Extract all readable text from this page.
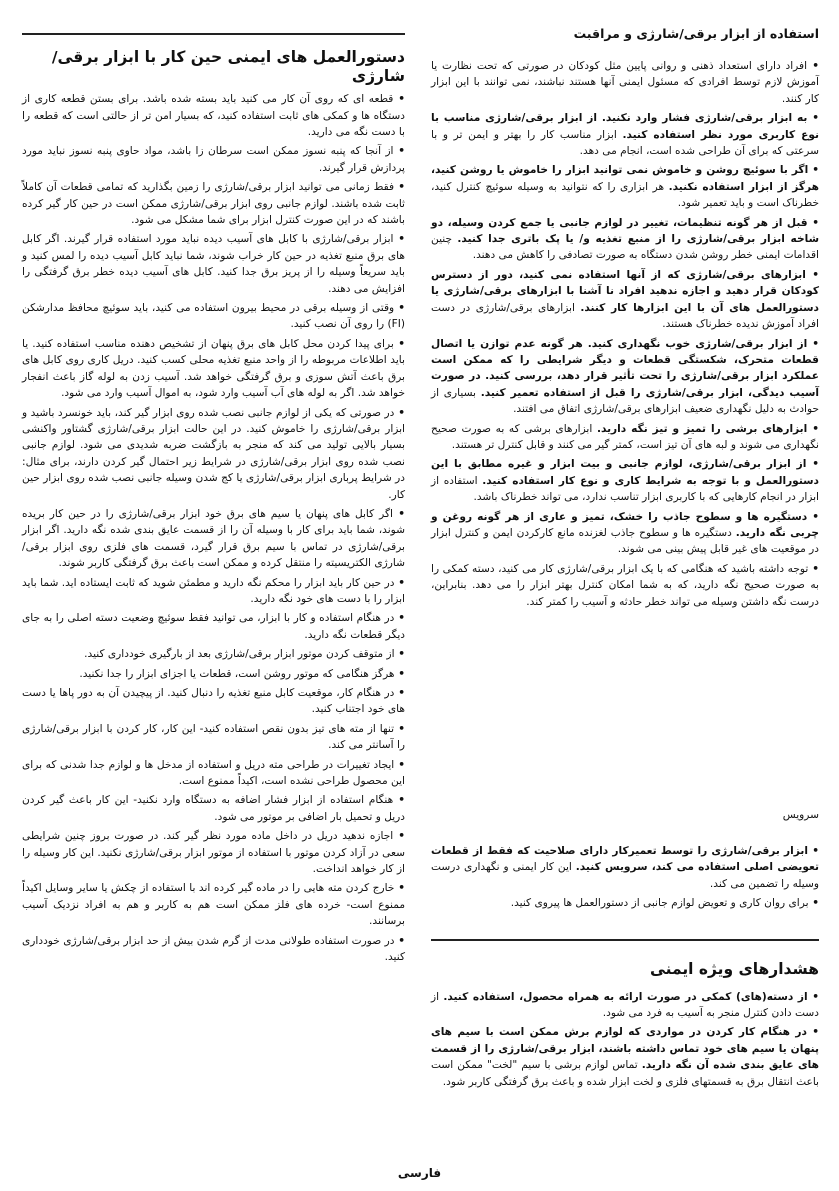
استفاده از ابزار برقی/شارژی و مراقبت

• افراد دارای استعداد ذهنی و روانی پایین مثل کودکان در صورتی که تحت نظارت یا آموزش لازم توسط افرادی که مسئول ایمنی آنها هستند نباشند، نمی توانند با این ابزار کار کنند.

• به ابزار برقی/شارژی فشار وارد نکنید. از ابزار برقی/شارژی مناسب با نوع کاربری مورد نظر استفاده کنید. ابزار مناسب کار را بهتر و ایمن تر و با سرعتی که برای آن طراحی شده است، انجام می دهد.

• اگر با سوئیچ روشن و خاموش نمی توانید ابزار را خاموش یا روشن کنید، هرگز از ابزار استفاده نکنید. هر ابزاری را که نتوانید به وسیله سوئیچ کنترل کنید، خطرناک است و باید تعمیر شود.

• قبل از هر گونه تنظیمات، تغییر در لوازم جانبی یا جمع کردن وسیله، دو شاخه ابزار برقی/شارژی را از منبع تغذیه و/ یا پک باتری جدا کنید. چنین اقدامات ایمنی خطر روشن شدن دستگاه به صورت تصادفی را کاهش می دهند.

• ابزارهای برقی/شارژی که از آنها استفاده نمی کنید، دور از دسترس کودکان قرار دهید و اجازه ندهید افراد نا آشنا با ابزارهای برقی/شارژی یا دستورالعمل های آن با این ابزارها کار کنند. ابزارهای برقی/شارژی در دست افراد آموزش ندیده خطرناک هستند.

• از ابزار برقی/شارژی خوب نگهداری کنید. هر گونه عدم توازن یا اتصال قطعات متحرک، شکستگی قطعات و دیگر شرایطی را که ممکن است عملکرد ابزار برقی/شارژی را تحت تأثیر قرار دهد، بررسی کنید. در صورت آسیب دیدگی، ابزار برقی/شارژی را قبل از استفاده تعمیر کنید. بسیاری از حوادث به دلیل نگهداری ضعیف ابزارهای برقی/شارژی اتفاق می افتند.

• ابزارهای برشی را تمیز و تیز نگه دارید. ابزارهای برشی که به صورت صحیح نگهداری می شوند و لبه های آن تیز است، کمتر گیر می کنند و قابل کنترل تر هستند.

• از ابزار برقی/شارژی، لوازم جانبی و بیت ابزار و غیره مطابق با این دستورالعمل و با توجه به شرایط کاری و نوع کار استفاده کنید. استفاده از ابزار در انجام کارهایی که با کاربری ابزار تناسب ندارد، می تواند خطرناک باشد.

• دستگیره ها و سطوح جاذب را خشک، تمیز و عاری از هر گونه روغن و چربی نگه دارید. دستگیره ها و سطوح جاذب لغزنده مانع کارکردن ایمن و کنترل ابزار در موقعیت های غیر قابل پیش بینی می شوند.

• توجه داشته باشید که هنگامی که با یک ابزار برقی/شارژی کار می کنید، دسته کمکی را به صورت صحیح نگه دارید، که به شما امکان کنترل بهتر ابزار را می دهد. بنابراین، درست نگه داشتن وسیله می تواند خطر حادثه و آسیب را کمتر کند.

سرویس

• ابزار برقی/شارژی را توسط تعمیرکار دارای صلاحیت که فقط از قطعات تعویضی اصلی استفاده می کند، سرویس کنید. این کار ایمنی و نگهداری درست وسیله را تضمین می کند.

• برای روان کاری و تعویض لوازم جانبی از دستورالعمل ها پیروی کنید.

هشدارهای ویژه ایمنی

• از دسته(های) کمکی در صورت ارائه به همراه محصول، استفاده کنید. از دست دادن کنترل منجر به آسیب به فرد می شود.

• در هنگام کار کردن در مواردی که لوازم برش ممکن است با سیم های پنهان یا سیم های خود تماس داشته باشند، ابزار برقی/شارژی را از قسمت های عایق بندی شده آن نگه دارید. تماس لوازم برشی با سیم "لخت" ممکن است باعث انتقال برق به قسمتهای فلزی و لخت ابزار شده و باعث برق گرفتگی کاربر شود.

دستورالعمل های ایمنی حین کار با ابزار برقی/شارژی

• قطعه ای که روی آن کار می کنید باید بسته شده باشد. برای بستن قطعه کاری از دستگاه ها و کمکی های ثابت استفاده کنید، که بسیار امن تر از حالتی است که قطعه را با دست نگه می دارید.

• از آنجا که پنبه نسوز ممکن است سرطان زا باشد، مواد حاوی پنبه نسوز نباید مورد پردازش قرار گیرند.

• فقط زمانی می توانید ابزار برقی/شارژی را زمین بگذارید که تمامی قطعات آن کاملاً ثابت شده باشند. لوازم جانبی روی ابزار برقی/شارژی ممکن است در حین کار گیر کرده باشند که در این صورت کنترل ابزار برای شما مشکل می شود.

• ابزار برقی/شارژی با کابل های آسیب دیده نباید مورد استفاده قرار گیرند. اگر کابل های برق منبع تغذیه در حین کار خراب شوند، شما نباید کابل آسیب دیده را لمس کنید و باید سریعاً وسیله را از پریز برق جدا کنید. کابل های آسیب دیده خطر برق گرفتگی را افزایش می دهند.

• وقتی از وسیله برقی در محیط بیرون استفاده می کنید، باید سوئیچ محافظ مدارشکن (FI) را روی آن نصب کنید.

• برای پیدا کردن محل کابل های برق پنهان از تشخیص دهنده مناسب استفاده کنید. یا باید اطلاعات مربوطه را از واحد منبع تغذیه محلی کسب کنید. دریل کاری روی کابل های برق باعث آتش سوزی و برق گرفتگی خواهد شد. آسیب زدن به لوله گاز باعث انفجار خواهد شد. اگر به لوله های آب آسیب وارد شود، به اموال آسیب وارد می شود.

• در صورتی که یکی از لوازم جانبی نصب شده روی ابزار گیر کند، باید خونسرد باشید و ابزار برقی/شارژی را خاموش کنید. در این حالت ابزار برقی/شارژی گشتاور واکنشی بسیار بالایی تولید می کند که منجر به بازگشت ضربه شدیدی می شود. لوازم جانبی نصب شده روی ابزار برقی/شارژی در شرایط زیر احتمال گیر کردن دارند، برای مثال: در شرایط پرباری ابزار برقی/شارژی یا کج شدن وسیله جانبی نصب شده روی ابزار حین کار.

• اگر کابل های پنهان یا سیم های برق خود ابزار برقی/شارژی را در حین کار بریده شوند، شما باید برای کار با وسیله آن را از قسمت عایق بندی شده نگه دارید. اگر ابزار برقی/شارژی در تماس با سیم برق قرار گیرد، قسمت های فلزی روی ابزار برقی/شارژی الکتریسیته را منتقل کرده و ممکن است باعث برق گرفتگی کاربر شوند.

• در حین کار باید ابزار را محکم نگه دارید و مطمئن شوید که ثابت ایستاده اید. شما باید ابزار را با دست های خود نگه دارید.

• در هنگام استفاده و کار با ابزار، می توانید فقط سوئیچ وضعیت دسته اصلی را به جای دیگر قطعات نگه دارید.

• از متوقف کردن موتور ابزار برقی/شارژی بعد از بارگیری خودداری کنید.

• هرگز هنگامی که موتور روشن است، قطعات یا اجزای ابزار را جدا نکنید.

• در هنگام کار، موقعیت کابل منبع تغذیه را دنبال کنید. از پیچیدن آن به دور پاها یا دست های خود اجتناب کنید.

• تنها از مته های تیز بدون نقص استفاده کنید- این کار، کار کردن با ابزار برقی/شارژی را آسانتر می کند.

• ایجاد تغییرات در طراحی مته دریل و استفاده از مدخل ها و لوازم جدا شدنی که برای این محصول طراحی نشده است، اکیداً ممنوع است.

• هنگام استفاده از ابزار فشار اضافه به دستگاه وارد نکنید- این کار باعث گیر کردن دریل و تحمیل بار اضافی بر موتور می شود.

• اجازه ندهید دریل در داخل ماده مورد نظر گیر کند. در صورت بروز چنین شرایطی سعی در آزاد کردن موتور با استفاده از موتور ابزار برقی/شارژی نکنید. این کار وسیله را از کار خواهد انداخت.

• خارج کردن مته هایی را در ماده گیر کرده اند با استفاده از چکش یا سایر وسایل اکیداً ممنوع است- خرده های فلز ممکن است هم به کاربر و هم به افراد نزدیک آسیب برسانند.

• در صورت استفاده طولانی مدت از گرم شدن بیش از حد ابزار برقی/شارژی خودداری کنید.

فارسی
